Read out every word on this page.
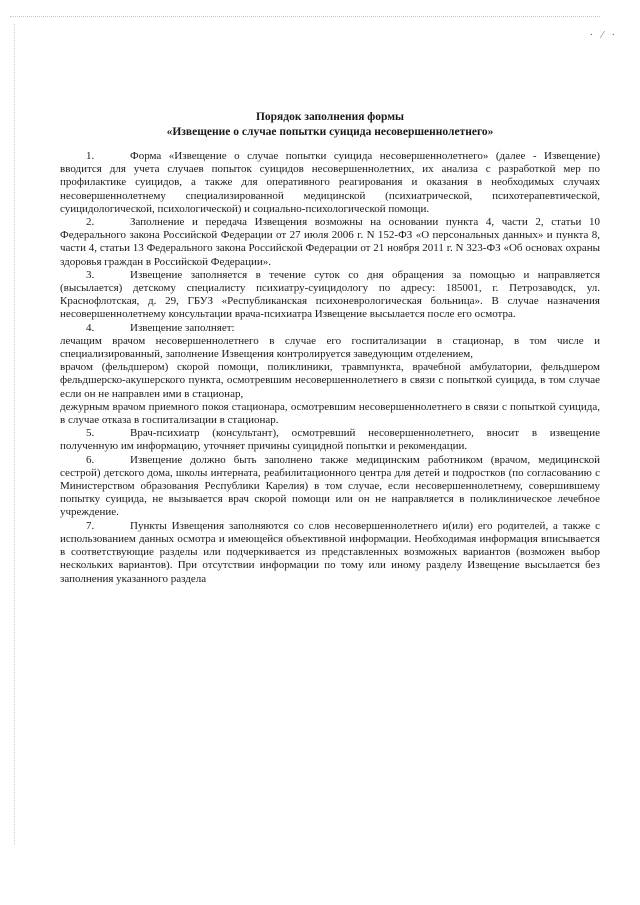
· ⁄ ·
Порядок заполнения формы
«Извещение о случае попытки суицида несовершеннолетнего»

1.	Форма «Извещение о случае попытки суицида несовершеннолетнего» (далее - Извещение) вводится для учета случаев попыток суицидов несовершеннолетних, их анализа с разработкой мер по профилактике суицидов, а также для оперативного реагирования и оказания в необходимых случаях несовершеннолетнему специализированной медицинской (психиатрической, психотерапевтической, суицидологической, психологической) и социально-психологической помощи.

2.	Заполнение и передача Извещения возможны на основании пункта 4, части 2, статьи 10 Федерального закона Российской Федерации от 27 июля 2006 г. N 152-ФЗ «О персональных данных» и пункта 8, части 4, статьи 13 Федерального закона Российской Федерации от 21 ноября 2011 г. N 323-ФЗ «Об основах охраны здоровья граждан в Российской Федерации».

3.	Извещение заполняется в течение суток со дня обращения за помощью и направляется (высылается) детскому специалисту психиатру-суицидологу по адресу: 185001, г. Петрозаводск, ул. Краснофлотская, д. 29, ГБУЗ «Республиканская психоневрологическая больница». В случае назначения несовершеннолетнему консультации врача-психиатра Извещение высылается после его осмотра.

4.	Извещение заполняет:

лечащим врачом несовершеннолетнего в случае его госпитализации в стационар, в том числе и специализированный, заполнение Извещения контролируется заведующим отделением,

врачом (фельдшером) скорой помощи, поликлиники, травмпункта, врачебной амбулатории, фельдшером фельдшерско-акушерского пункта, осмотревшим несовершеннолетнего в связи с попыткой суицида, в том случае если он не направлен ими в стационар,

дежурным врачом приемного покоя стационара, осмотревшим несовершеннолетнего в связи с попыткой суицида, в случае отказа в госпитализации в стационар.

5.	Врач-психиатр (консультант), осмотревший несовершеннолетнего, вносит в извещение полученную им информацию, уточняет причины суицидной попытки и рекомендации.

6.	Извещение должно быть заполнено также медицинским работником (врачом, медицинской сестрой) детского дома, школы интерната, реабилитационного центра для детей и подростков (по согласованию с Министерством образования Республики Карелия) в том случае, если несовершеннолетнему, совершившему попытку суицида, не вызывается врач скорой помощи или он не направляется в поликлиническое лечебное учреждение.

7.	Пункты Извещения заполняются со слов несовершеннолетнего и(или) его родителей, а также с использованием данных осмотра и имеющейся объективной информации. Необходимая информация вписывается в соответствующие разделы или подчеркивается из представленных возможных вариантов (возможен выбор нескольких вариантов). При отсутствии информации по тому или иному разделу Извещение высылается без заполнения указанного раздела
